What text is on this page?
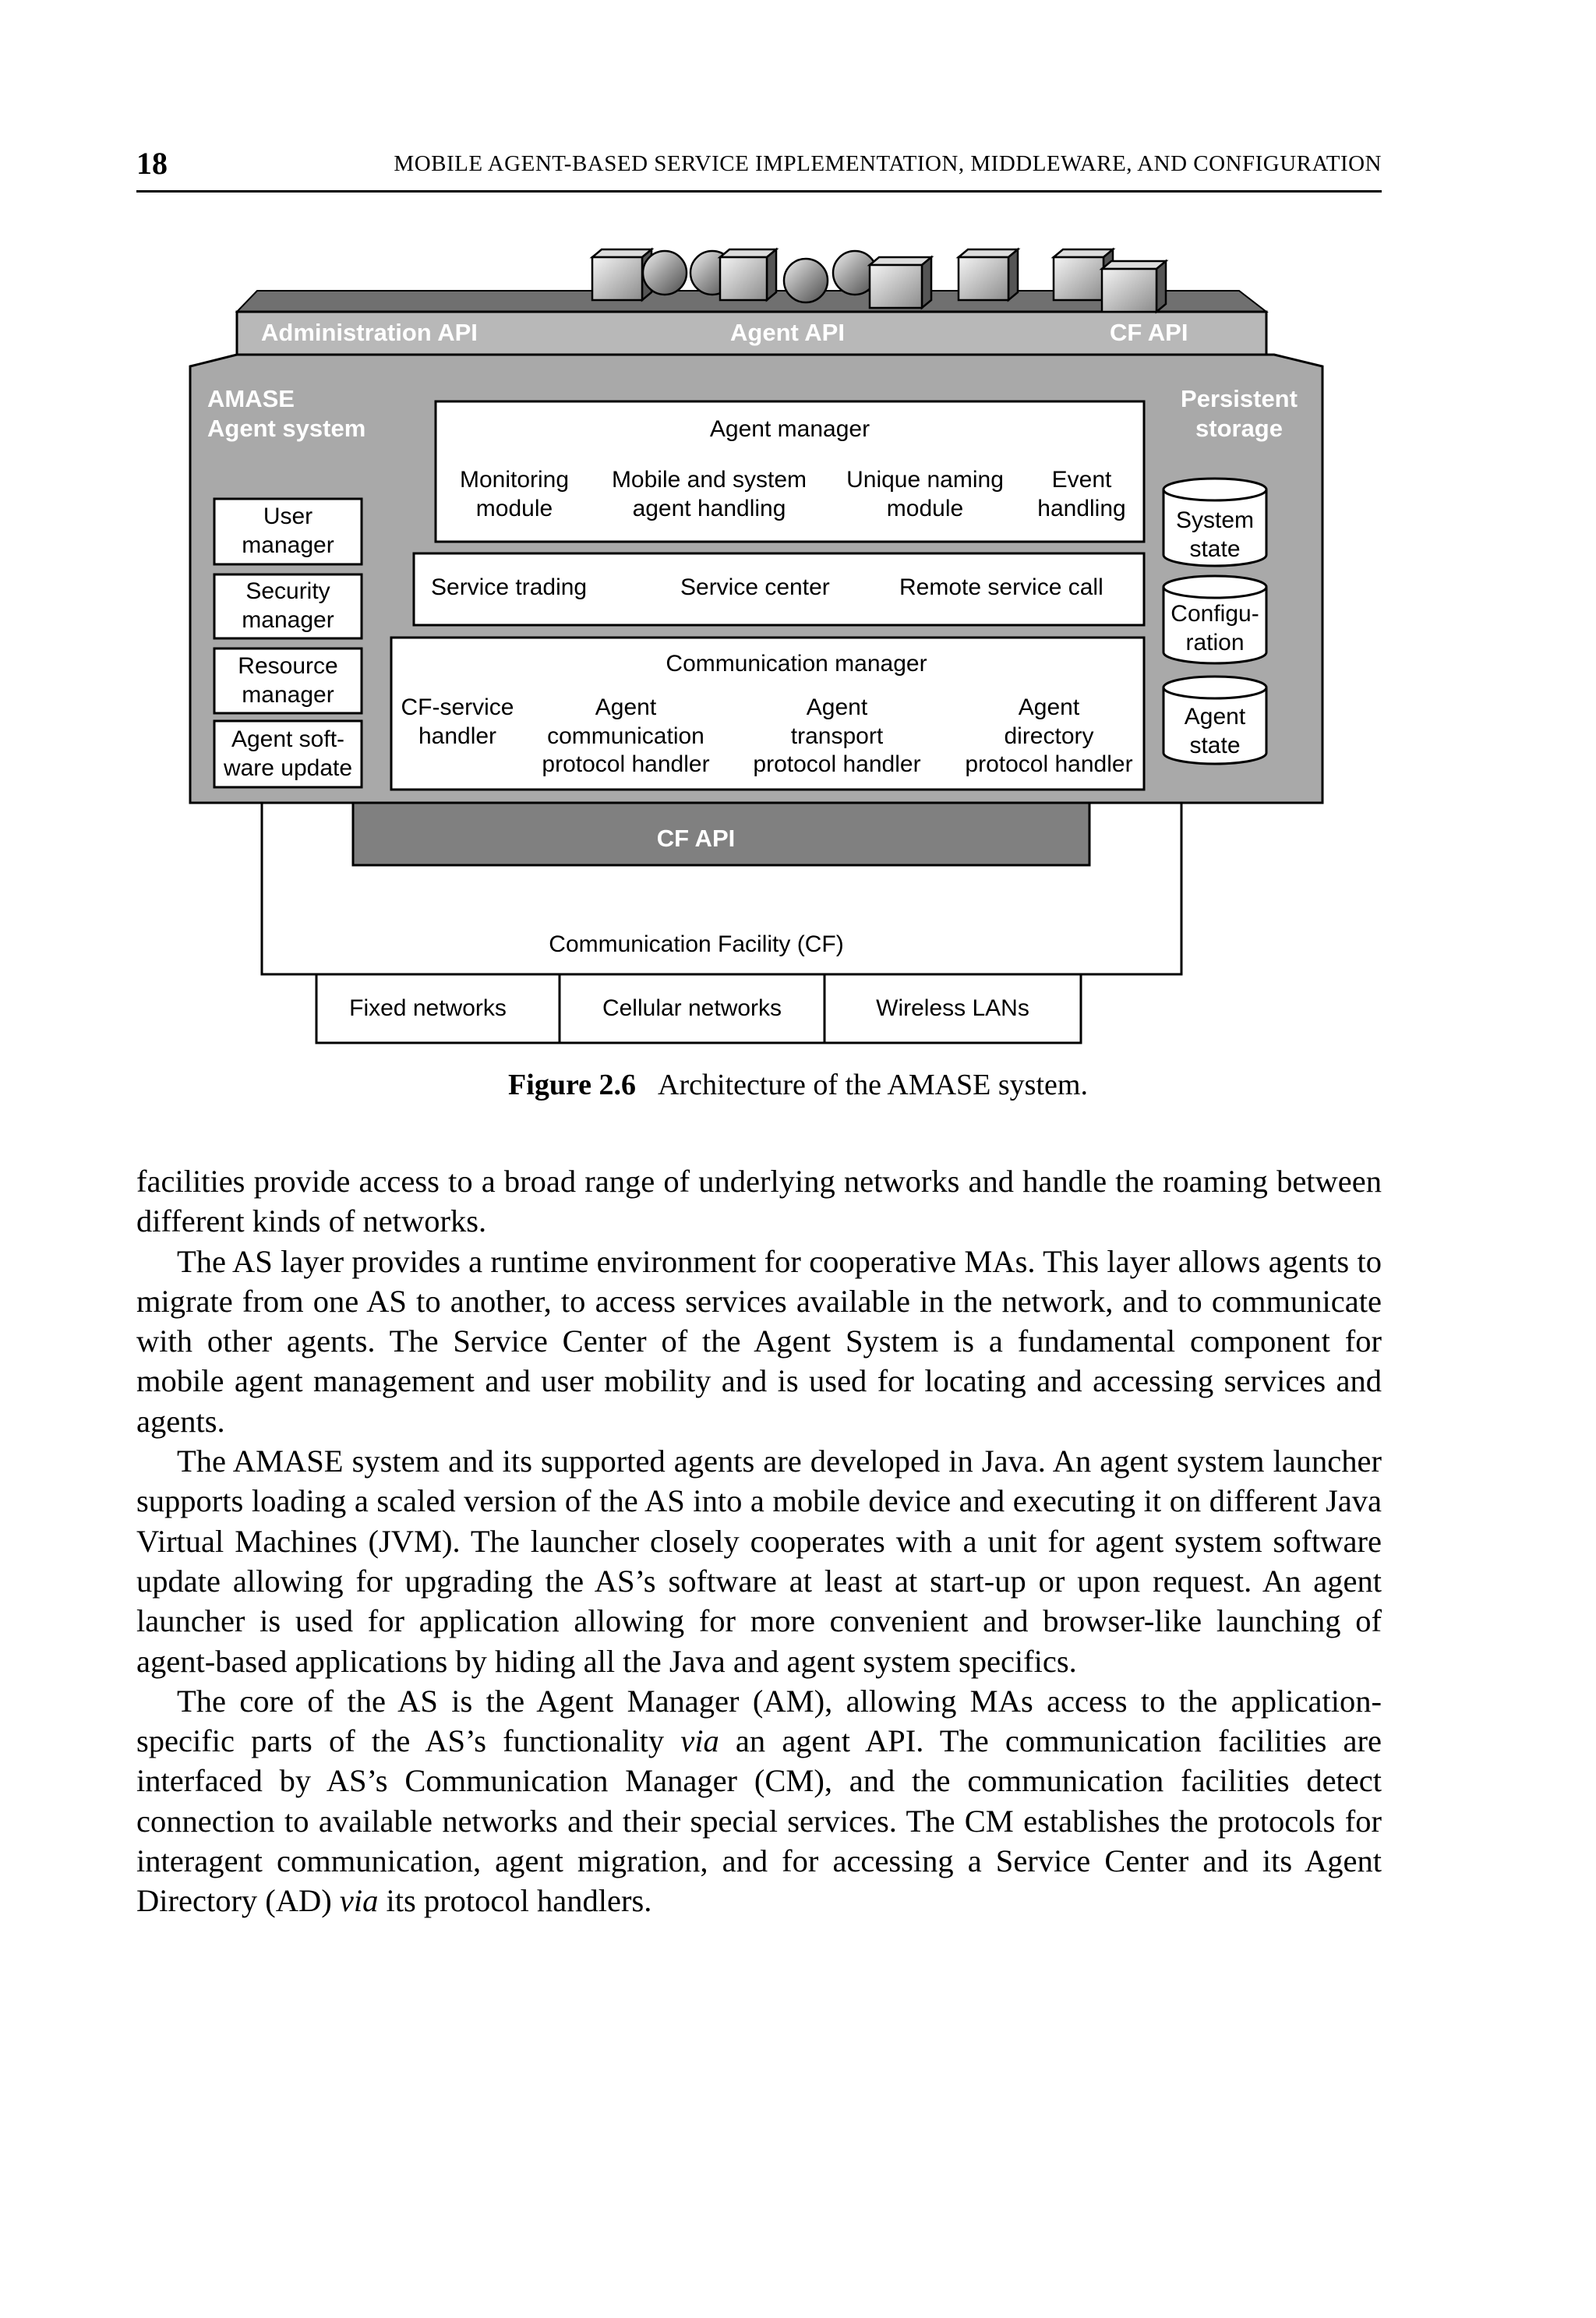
18	MOBILE AGENT-BASED SERVICE IMPLEMENTATION, MIDDLEWARE, AND CONFIGURATION
Administration API	Agent API	CF API
AMASE
Agent system
Persistent
storage
User
manager
Security
manager
Resource
manager
Agent soft-
ware update
Agent manager
Monitoring
module
Mobile and system
agent handling
Unique naming
module
Event
handling
Service trading	Service center	Remote service call
Communication manager
CF-service
handler
Agent
communication
protocol handler
Agent
transport
protocol handler
Agent
directory
protocol handler
System
state
Configu-
ration
Agent
state
CF API
Communication Facility (CF)
Fixed networks	Cellular networks	Wireless LANs
Figure 2.6 Architecture of the AMASE system.

facilities provide access to a broad range of underlying networks and handle the roaming between different kinds of networks.

The AS layer provides a runtime environment for cooperative MAs. This layer allows agents to migrate from one AS to another, to access services available in the network, and to communicate with other agents. The Service Center of the Agent System is a fundamental component for mobile agent management and user mobility and is used for locating and accessing services and agents.

The AMASE system and its supported agents are developed in Java. An agent system launcher supports loading a scaled version of the AS into a mobile device and executing it on different Java Virtual Machines (JVM). The launcher closely cooperates with a unit for agent system software update allowing for upgrading the AS’s software at least at start-up or upon request. An agent launcher is used for application allowing for more convenient and browser-like launching of agent-based applications by hiding all the Java and agent system specifics.

The core of the AS is the Agent Manager (AM), allowing MAs access to the application-specific parts of the AS’s functionality via an agent API. The communication facilities are interfaced by AS’s Communication Manager (CM), and the communication facilities detect connection to available networks and their special services. The CM establishes the protocols for interagent communication, agent migration, and for accessing a Service Center and its Agent Directory (AD) via its protocol handlers.
